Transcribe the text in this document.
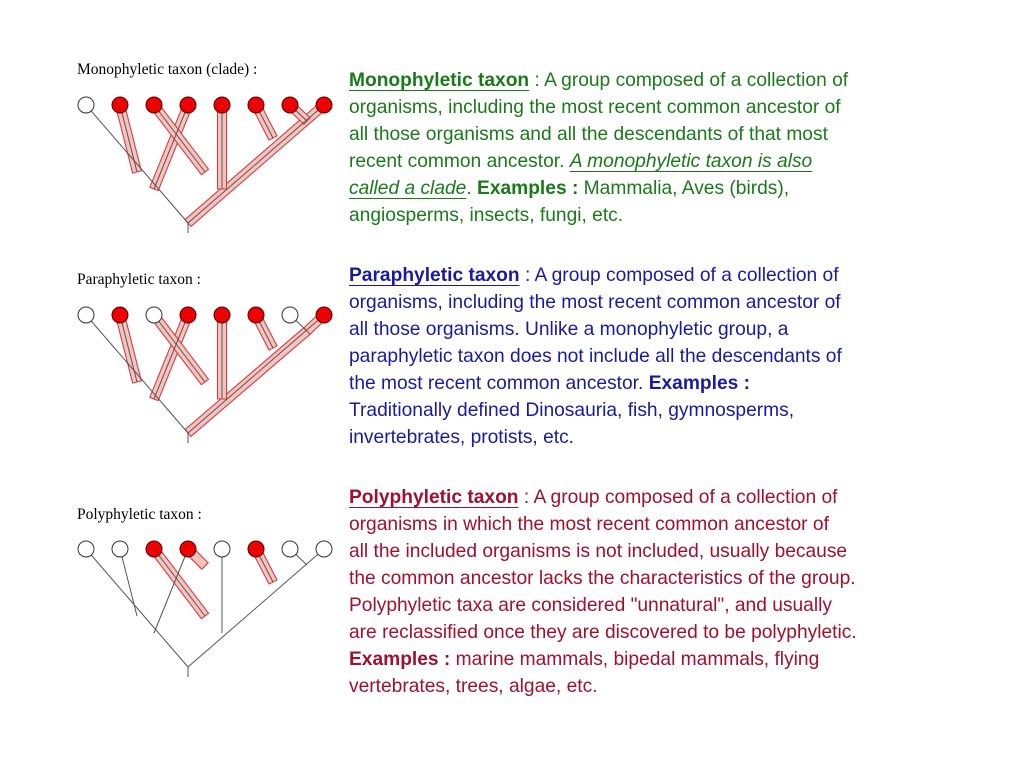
Monophyletic taxon (clade) :
Paraphyletic taxon :
Polyphyletic taxon :
Monophyletic taxon : A group composed of a collection of
organisms, including the most recent common ancestor of
all those organisms and all the descendants of that most
recent common ancestor. A monophyletic taxon is also
called a clade. Examples : Mammalia, Aves (birds),
angiosperms, insects, fungi, etc.
Paraphyletic taxon : A group composed of a collection of
organisms, including the most recent common ancestor of
all those organisms. Unlike a monophyletic group, a
paraphyletic taxon does not include all the descendants of
the most recent common ancestor. Examples :
Traditionally defined Dinosauria, fish, gymnosperms,
invertebrates, protists, etc.
Polyphyletic taxon : A group composed of a collection of
organisms in which the most recent common ancestor of
all the included organisms is not included, usually because
the common ancestor lacks the characteristics of the group.
Polyphyletic taxa are considered "unnatural", and usually
are reclassified once they are discovered to be polyphyletic.
Examples : marine mammals, bipedal mammals, flying
vertebrates, trees, algae, etc.
